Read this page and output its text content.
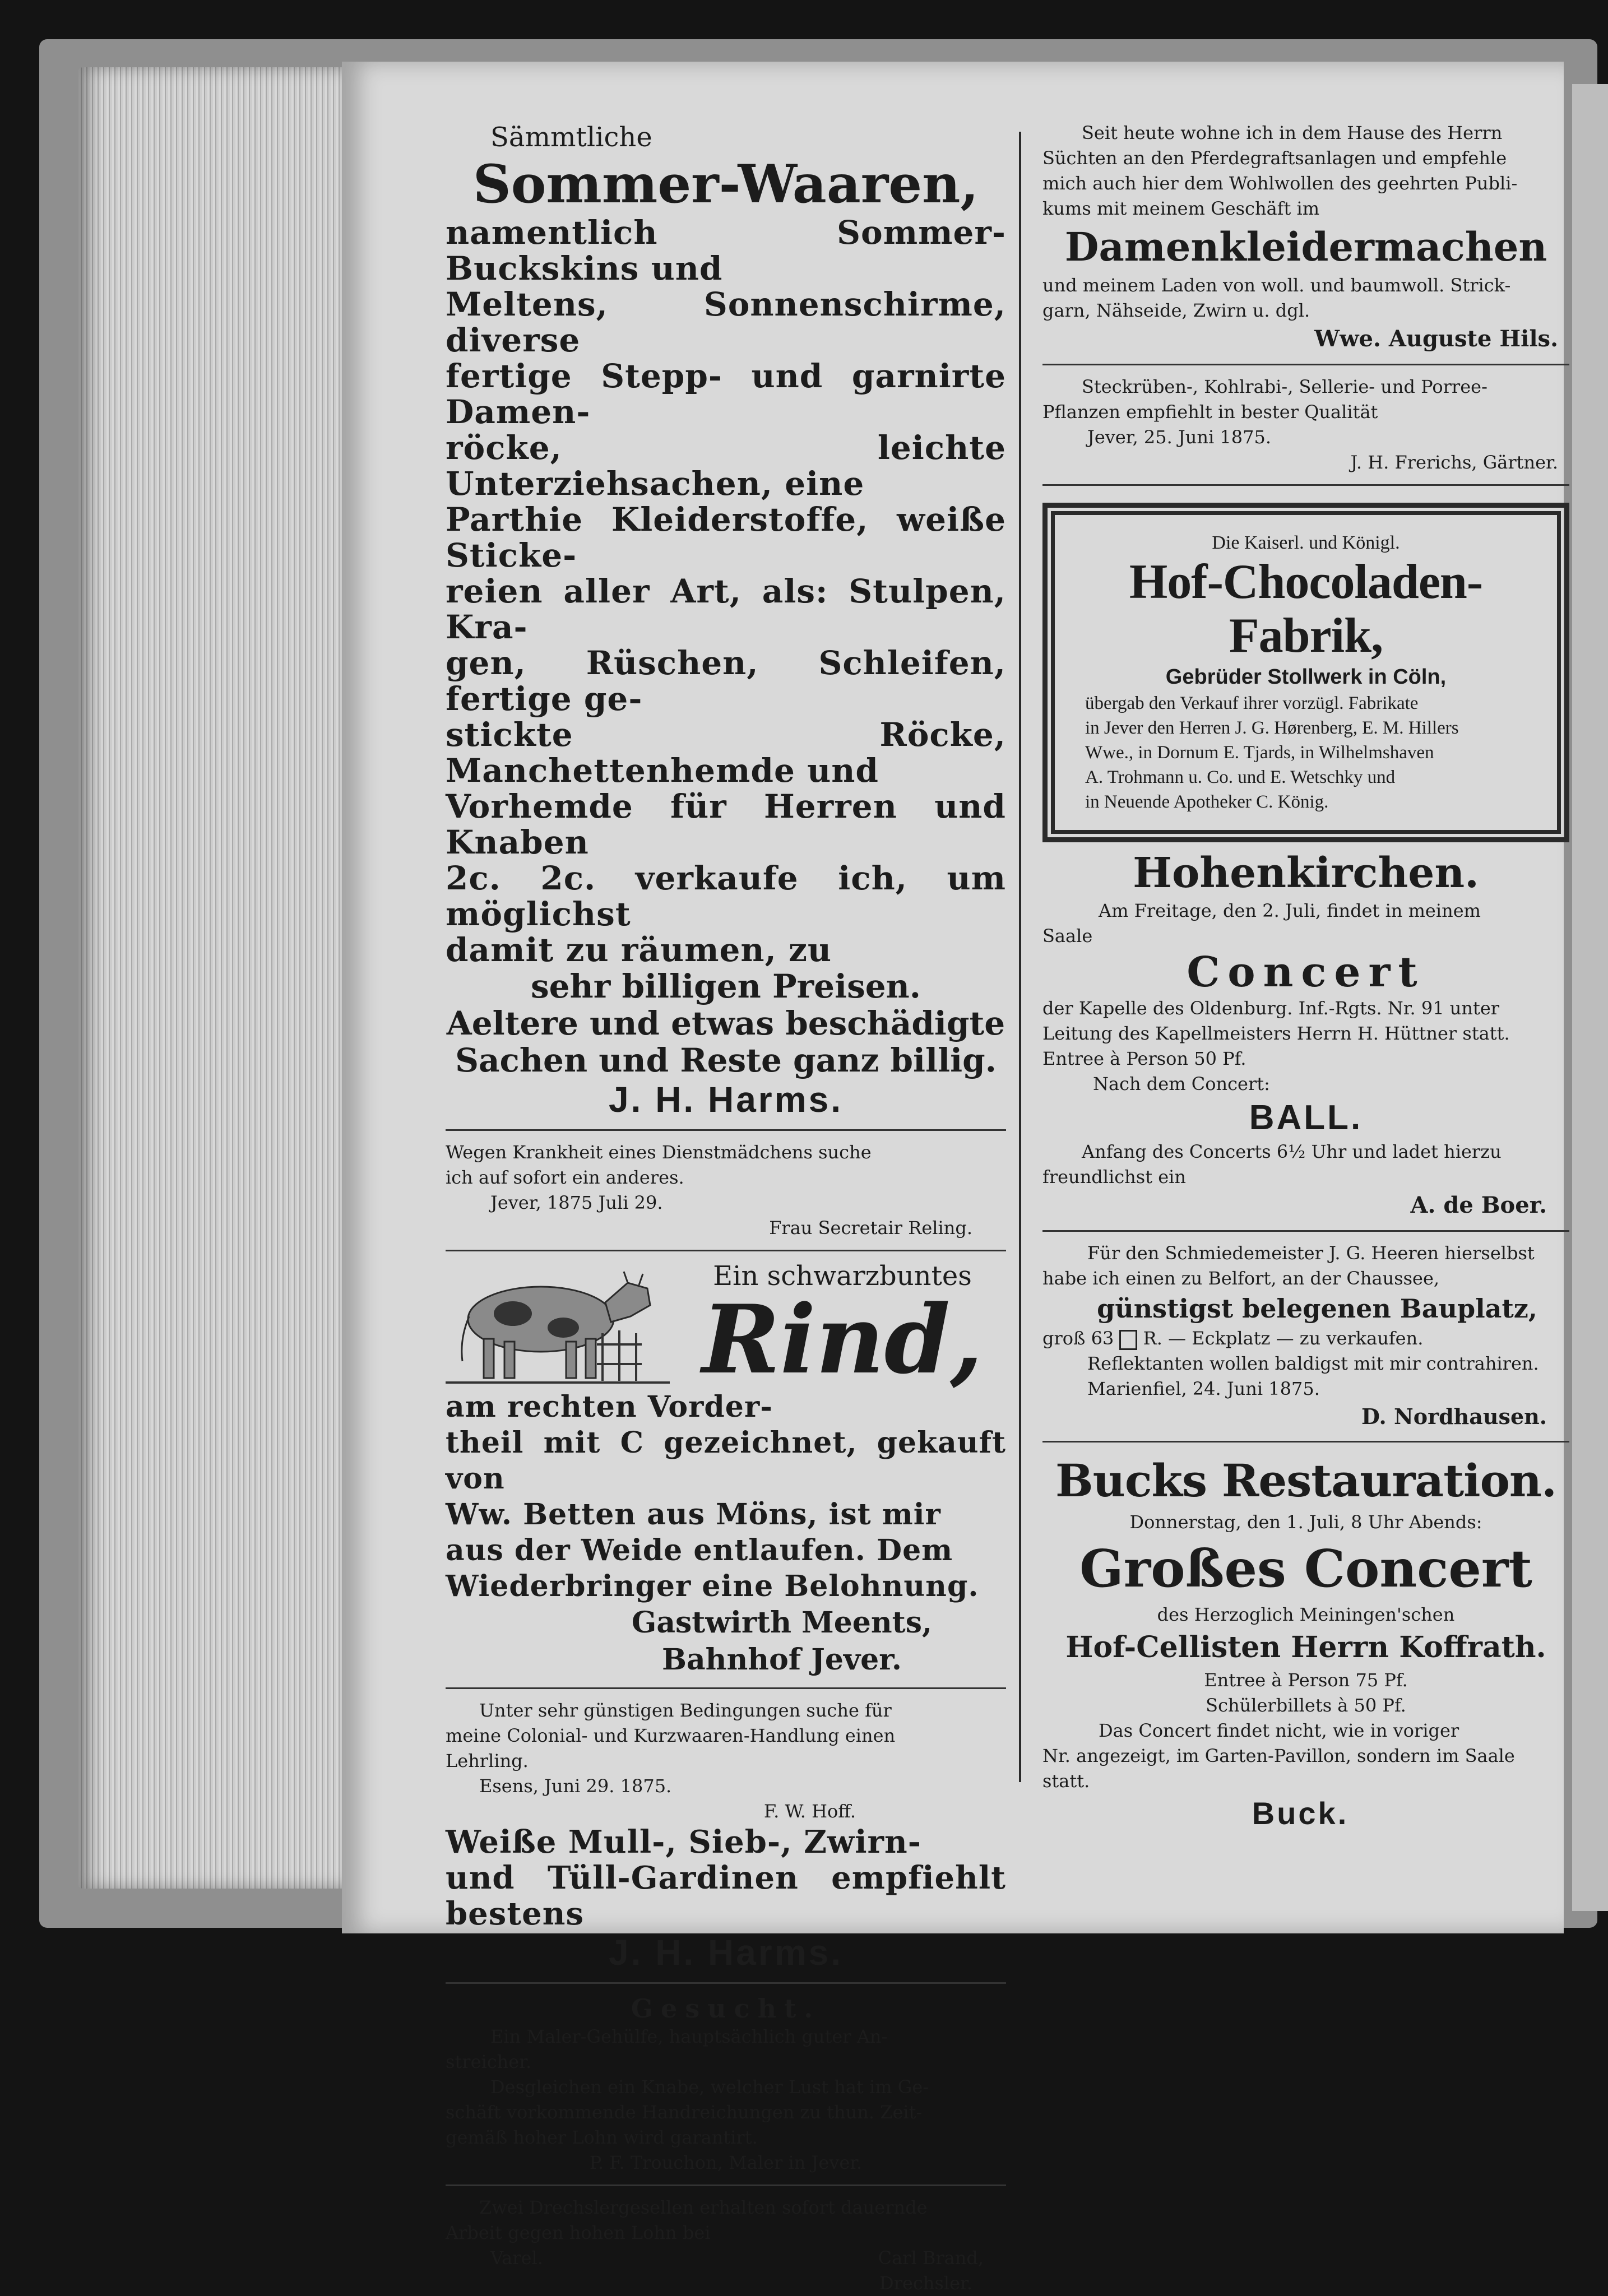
Sämmtliche

Sommer-Waaren,

namentlich Sommer-Buckskins und

Meltens, Sonnenschirme, diverse

fertige Stepp- und garnirte Damen-

röcke, leichte Unterziehsachen, eine

Parthie Kleiderstoffe, weiße Sticke-

reien aller Art, als: Stulpen, Kra-

gen, Rüschen, Schleifen, fertige ge-

stickte Röcke, Manchettenhemde und

Vorhemde für Herren und Knaben

2c. 2c. verkaufe ich, um möglichst

damit zu räumen, zu

sehr billigen Preisen.

Aeltere und etwas beschädigte

Sachen und Reste ganz billig.

J. H. Harms.

Wegen Krankheit eines Dienstmädchens suche

ich auf sofort ein anderes.

Jever, 1875 Juli 29.

Frau Secretair Reling.

Ein schwarzbuntes

Rind,

am rechten Vorder-

theil mit C gezeichnet, gekauft von

Ww. Betten aus Möns, ist mir

aus der Weide entlaufen. Dem

Wiederbringer eine Belohnung.

Gastwirth Meents,

Bahnhof Jever.

Unter sehr günstigen Bedingungen suche für

meine Colonial- und Kurzwaaren-Handlung einen

Lehrling.

Esens, Juni 29. 1875.

F. W. Hoff.

Weiße Mull-, Sieb-, Zwirn-

und Tüll-Gardinen empfiehlt bestens

J. H. Harms.

Gesucht.

Ein Maler-Gehülfe, hauptsächlich guter An-

streicher.

Desgleichen ein Knabe, welcher Lust hat im Ge-

schäft vorkommende Handreichungen zu thun. Zeit-

gemäß hoher Lohn wird garantirt.

P. F. Trouchon, Maler in Jever.

Zwei Drechslergesellen erhalten sofort dauernde

Arbeit gegen hohen Lohn bei

Varel.	Carl Brand,

Drechsler.

Seit heute wohne ich in dem Hause des Herrn

Süchten an den Pferdegraftsanlagen und empfehle

mich auch hier dem Wohlwollen des geehrten Publi-

kums mit meinem Geschäft im

Damenkleidermachen

und meinem Laden von woll. und baumwoll. Strick-

garn, Nähseide, Zwirn u. dgl.

Wwe. Auguste Hils.

Steckrüben-, Kohlrabi-, Sellerie- und Porree-

Pflanzen empfiehlt in bester Qualität

Jever, 25. Juni 1875.

J. H. Frerichs, Gärtner.

Die Kaiserl. und Königl.

Hof-Chocoladen-Fabrik,

Gebrüder Stollwerk in Cöln,

übergab den Verkauf ihrer vorzügl. Fabrikate

in Jever den Herren J. G. Hørenberg, E. M. Hillers

Wwe., in Dornum E. Tjards, in Wilhelmshaven

A. Trohmann u. Co. und E. Wetschky und

in Neuende Apotheker C. König.

Hohenkirchen.

Am Freitage, den 2. Juli, findet in meinem

Saale

Concert

der Kapelle des Oldenburg. Inf.-Rgts. Nr. 91 unter

Leitung des Kapellmeisters Herrn H. Hüttner statt.

Entree à Person 50 Pf.

Nach dem Concert:

BALL.

Anfang des Concerts 6½ Uhr und ladet hierzu

freundlichst ein

A. de Boer.

Für den Schmiedemeister J. G. Heeren hierselbst

habe ich einen zu Belfort, an der Chaussee,

günstigst belegenen Bauplatz,

groß 63 R. — Eckplatz — zu verkaufen.

Reflektanten wollen baldigst mit mir contrahiren.

Marienfiel, 24. Juni 1875.

D. Nordhausen.

Bucks Restauration.

Donnerstag, den 1. Juli, 8 Uhr Abends:

Großes Concert

des Herzoglich Meiningen'schen

Hof-Cellisten Herrn Koffrath.

Entree à Person 75 Pf.

Schülerbillets à 50 Pf.

Das Concert findet nicht, wie in voriger

Nr. angezeigt, im Garten-Pavillon, sondern im Saale

statt.

Buck.
